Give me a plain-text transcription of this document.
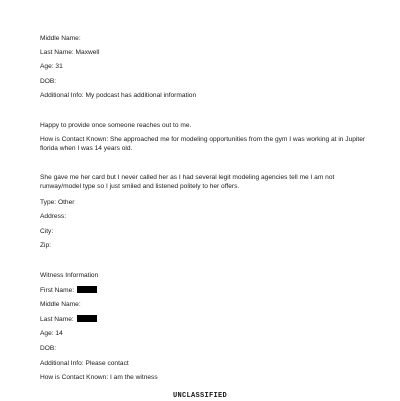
Middle Name:
Last Name: Maxwell
Age: 31
DOB:
Additional Info: My podcast has additional information
Happy to provide once someone reaches out to me.
How is Contact Known: She approached me for modeling opportunities from the gym I was working at in Jupiter florida when I was 14 years old.
She gave me her card but I never called her as I had several legit modeling agencies tell me I am not runway/model type so I just smiled and listened politely to her offers.
Type: Other
Address:
City:
Zip:
Witness Information
First Name:
Middle Name:
Last Name:
Age: 14
DOB:
Additional Info: Please contact
How is Contact Known: I am the witness
UNCLASSIFIED
